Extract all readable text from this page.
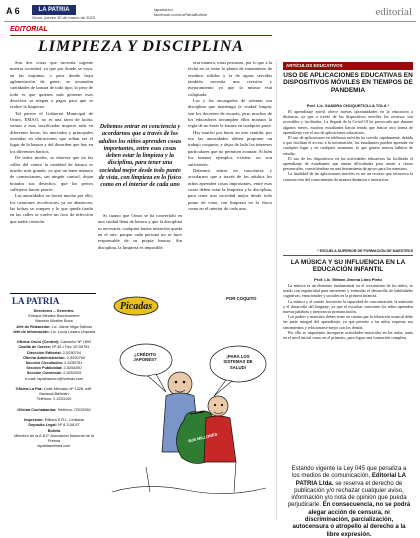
A 6	LA PATRIA
Oruro, jueves 30 de marzo de 2023
lapatria.bo
facebook.com/LaPatriaBolivia	editorial
EDITORIAL
LIMPIEZA Y DISCIPLINA

Son dos cosas que necesita urgente nuestra sociedad, ya que por donde se vaya, en las esquinas, o peor donde haya aglomeración de gente, se acumulan cantidades de basura de todo tipo; lo peor de todo es que quienes más generan esos desechos se niegan a pagar para que se realice la limpieza.

Tal parece el Gobierno Municipal de Oruro, EMAO, no es una tarea de lucha, vemos a esas sacrificadas mujeres salir en diferentes horas, los mercados y principales avenidas en ubicaciones que solían ser el lugar de la basura y del desorden que hay en los diferentes barrios.

De todos modos, se observa que en las calles del centro la cantidad de basura es mucho más grande, ya que un buen número de comerciantes, sin ningún control, dejan botados sus desechos, que los perros callejeros hacen peores.

Las autoridades no hacen mucho por ello, los camiones recolectores ya no abastecen, las bolsas se rompen y lo que queda tirado en las calles se vuelve un foco de infección que nadie controla.

Debemos entrar en conciencia y acordarnos que a través de los adultos los niños aprenden cosas importantes, entre esas cosas deben estar la limpieza y la disciplina, para tener una sociedad mejor desde todo punto de vista, con limpieza en lo físico como en el interior de cada uno

Si cuanto que Oruro se ha convertido en una ciudad llena de basura y que la disciplina es necesaria, cualquier buena intención queda en el aire, porque cada persona no se hace responsable de su propia basura. Sin disciplina, la limpieza es imposible.

otra manera, otras personas, por lo que a la fecha no se tiene la planta de tratamiento de residuos sólidos y la de aguas servidas también necesita una revisión y mejoramiento ya que la misma está colapsada.

Las y los encargados de orientar esa disciplina que mantenga la ciudad limpia, son los docentes de escuela, pero muchos de los educadores incumplen ellos mismos la regla de no botar la basura en cualquier parte.

Hay mucho por hacer en este sentido, por eso las autoridades deben proponer un trabajo conjunto, y dejar de lado los intereses particulares que no permiten avanzar. Si bien los buenos ejemplos existen, no son suficientes.

Debemos entrar en conciencia y acordarnos que a través de los adultos los niños aprenden cosas importantes, entre esas cosas deben estar la limpieza y la disciplina, para tener una sociedad mejor desde todo punto de vista, con limpieza en lo físico como en el interior de cada uno.

ARTÍCULOS EDUCATIVOS
USO DE APLICACIONES EDUCATIVAS EN DISPOSITIVOS MÓVILES EN TIEMPOS DE PANDEMIA
Prof. Lic. SANDRA CHOQUETICLLA TOLA *

El aprendizaje móvil ofrece nuevas oportunidades en la educación a distancia, ya que a través de los dispositivos móviles los recursos son accesibles y facilitados. La llegada de la Covid-19 ha provocado que durante algunos meses, muchos estudiantes hayan tenido que buscar otra forma de aprendizaje con el uso de aplicaciones educativas.

El uso de aplicaciones en teléfonos móviles ha crecido rápidamente, debido a que facilitan el acceso a la información, los estudiantes pueden aprender en cualquier lugar y en cualquier momento, lo que genera nuevos hábitos de estudio.

El uso de los dispositivos en las actividades educativas ha facilitado el aprendizaje de estudiantes que tenían dificultades para asistir a clases presenciales, convirtiéndose en una herramienta de apoyo para los maestros.

La finalidad de las aplicaciones móviles es ser un recurso que favorezca la construcción del conocimiento de manera dinámica e interactiva.

* ESCUELA SUPERIOR DE FORMACIÓN DE MAESTROS
LA MÚSICA Y SU INFLUENCIA EN LA EDUCACIÓN INFANTIL
Prof. Lic. Miriam Jimena Limo Pinto

La música es un elemento fundamental en el crecimiento de los niños, es usado con regularidad para entretener y estimular el desarrollo de habilidades cognitivas, emocionales y sociales en la primera infancia.

La música y el sonido favorecen la capacidad de concentración, la memoria y el desarrollo del lenguaje, ya que al escuchar canciones los niños aprenden nuevas palabras y mejoran su pronunciación.

Los padres y maestros deben tener en cuenta que la educación musical debe ser parte integral del aprendizaje, ya que permite a los niños expresar sus sentimientos y relacionarse mejor con los demás.

Por ello es importante incorporar actividades musicales en las aulas, tanto en el nivel inicial como en el primario, para lograr una formación completa.

Estando vigente la Ley 045 que penaliza a los medios de comunicación, Editorial LA PATRIA Ltda. se reserva el derecho de publicación y/o rechazar cualquier aviso, información y/o nota de opinión que pueda perjudicarle. En consecuencia, no se podrá alegar acción de censura, ni discriminación, parcialización, autocensura o atropello al derecho a la libre expresión.
LA PATRIA
Directores – Gerentes:
Enrique Miralles Bonnecarrere
Marcelo Miralles Bova
Jefe de Redacción: Lic. Jaime Vega Salinas
Jefe de Información: Lic. Lucía Lázaro Urquieta

Oficina Oruro (Central): Camacho Nº 1892
Casilla de Correo: Nº 48 • Fax: 52-50781
Dirección Editorial: 2-5250704
Oficina Administración: 2-5250769
Sección Circulación: 2-5250761
Sección Publicidad: 2-5254260
Sección Comercial: 2-5252525
e-mail: lapatriaoruro@hotmail.com

Oficina La Paz: Calle Mercado Nº 1328, edif. Mariscal Ballivián
Teléfono: 2-2203100

Oficina Cochabamba: Teléfono: 72025952

Impresión: Editora S.R.L. Limitada
Depósito Legal: Nº 8-3-08-87
Bolivia
Miembro de la A.N.P. Asociación Nacional de la Prensa
lapatriaenlinea.com
Picadas
POR COQUITO
¿CRÉDITO JAPONÉS?
¡PARA LOS SISTEMAS DE SALUD!
$US MILLONES
